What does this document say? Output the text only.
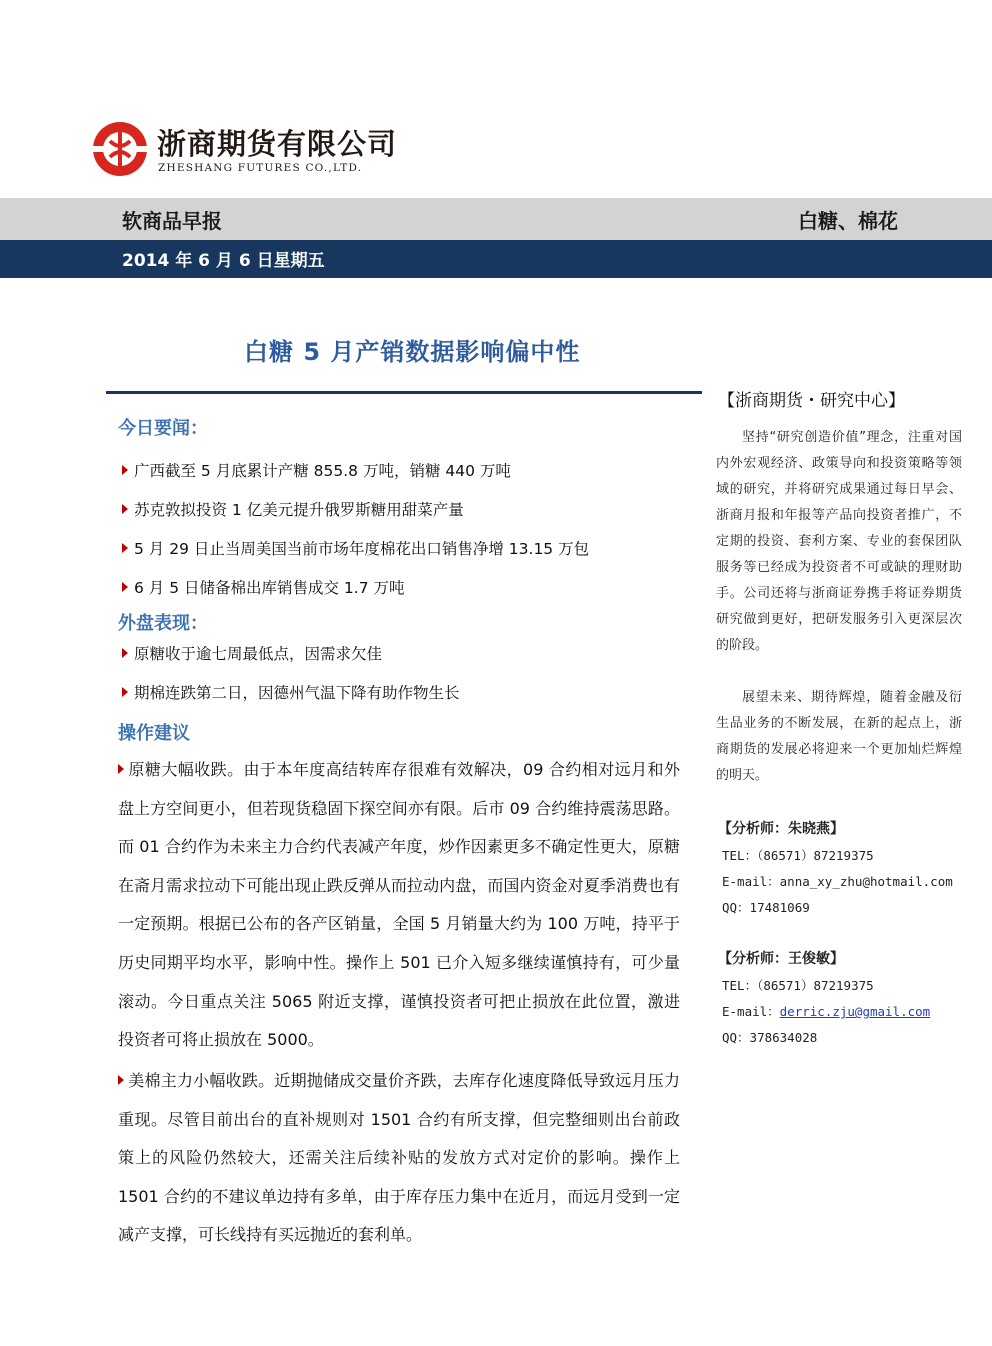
浙商期货有限公司
ZHESHANG FUTURES CO.,LTD.
软商品早报	白糖、棉花
2014 年 6 月 6 日星期五
白糖 5 月产销数据影响偏中性
今日要闻：
广西截至 5 月底累计产糖 855.8 万吨，销糖 440 万吨
苏克敦拟投资 1 亿美元提升俄罗斯糖用甜菜产量
5 月 29 日止当周美国当前市场年度棉花出口销售净增 13.15 万包
6 月 5 日储备棉出库销售成交 1.7 万吨
外盘表现：
原糖收于逾七周最低点，因需求欠佳
期棉连跌第二日，因德州气温下降有助作物生长
操作建议

原糖大幅收跌。由于本年度高结转库存很难有效解决，09 合约相对远月和外盘上方空间更小，但若现货稳固下探空间亦有限。后市 09 合约维持震荡思路。而 01 合约作为未来主力合约代表减产年度，炒作因素更多不确定性更大，原糖在斋月需求拉动下可能出现止跌反弹从而拉动内盘，而国内资金对夏季消费也有一定预期。根据已公布的各产区销量，全国 5 月销量大约为 100 万吨，持平于历史同期平均水平，影响中性。操作上 501 已介入短多继续谨慎持有，可少量滚动。今日重点关注 5065 附近支撑，谨慎投资者可把止损放在此位置，激进投资者可将止损放在 5000。

美棉主力小幅收跌。近期抛储成交量价齐跌，去库存化速度降低导致远月压力重现。尽管目前出台的直补规则对 1501 合约有所支撑，但完整细则出台前政策上的风险仍然较大，还需关注后续补贴的发放方式对定价的影响。操作上 1501 合约的不建议单边持有多单，由于库存压力集中在近月，而远月受到一定减产支撑，可长线持有买远抛近的套利单。

【浙商期货・研究中心】

坚持“研究创造价值”理念，注重对国内外宏观经济、政策导向和投资策略等领域的研究，并将研究成果通过每日早会、浙商月报和年报等产品向投资者推广，不定期的投资、套利方案、专业的套保团队服务等已经成为投资者不可或缺的理财助手。公司还将与浙商证券携手将证券期货研究做到更好，把研发服务引入更深层次的阶段。

展望未来、期待辉煌，随着金融及衍生品业务的不断发展，在新的起点上，浙商期货的发展必将迎来一个更加灿烂辉煌的明天。

【分析师：朱晓燕】
TEL：（86571）87219375
E-mail：anna_xy_zhu@hotmail.com
QQ：17481069
【分析师：王俊敏】
TEL：（86571）87219375
E-mail：derric.zju@gmail.com
QQ：378634028
